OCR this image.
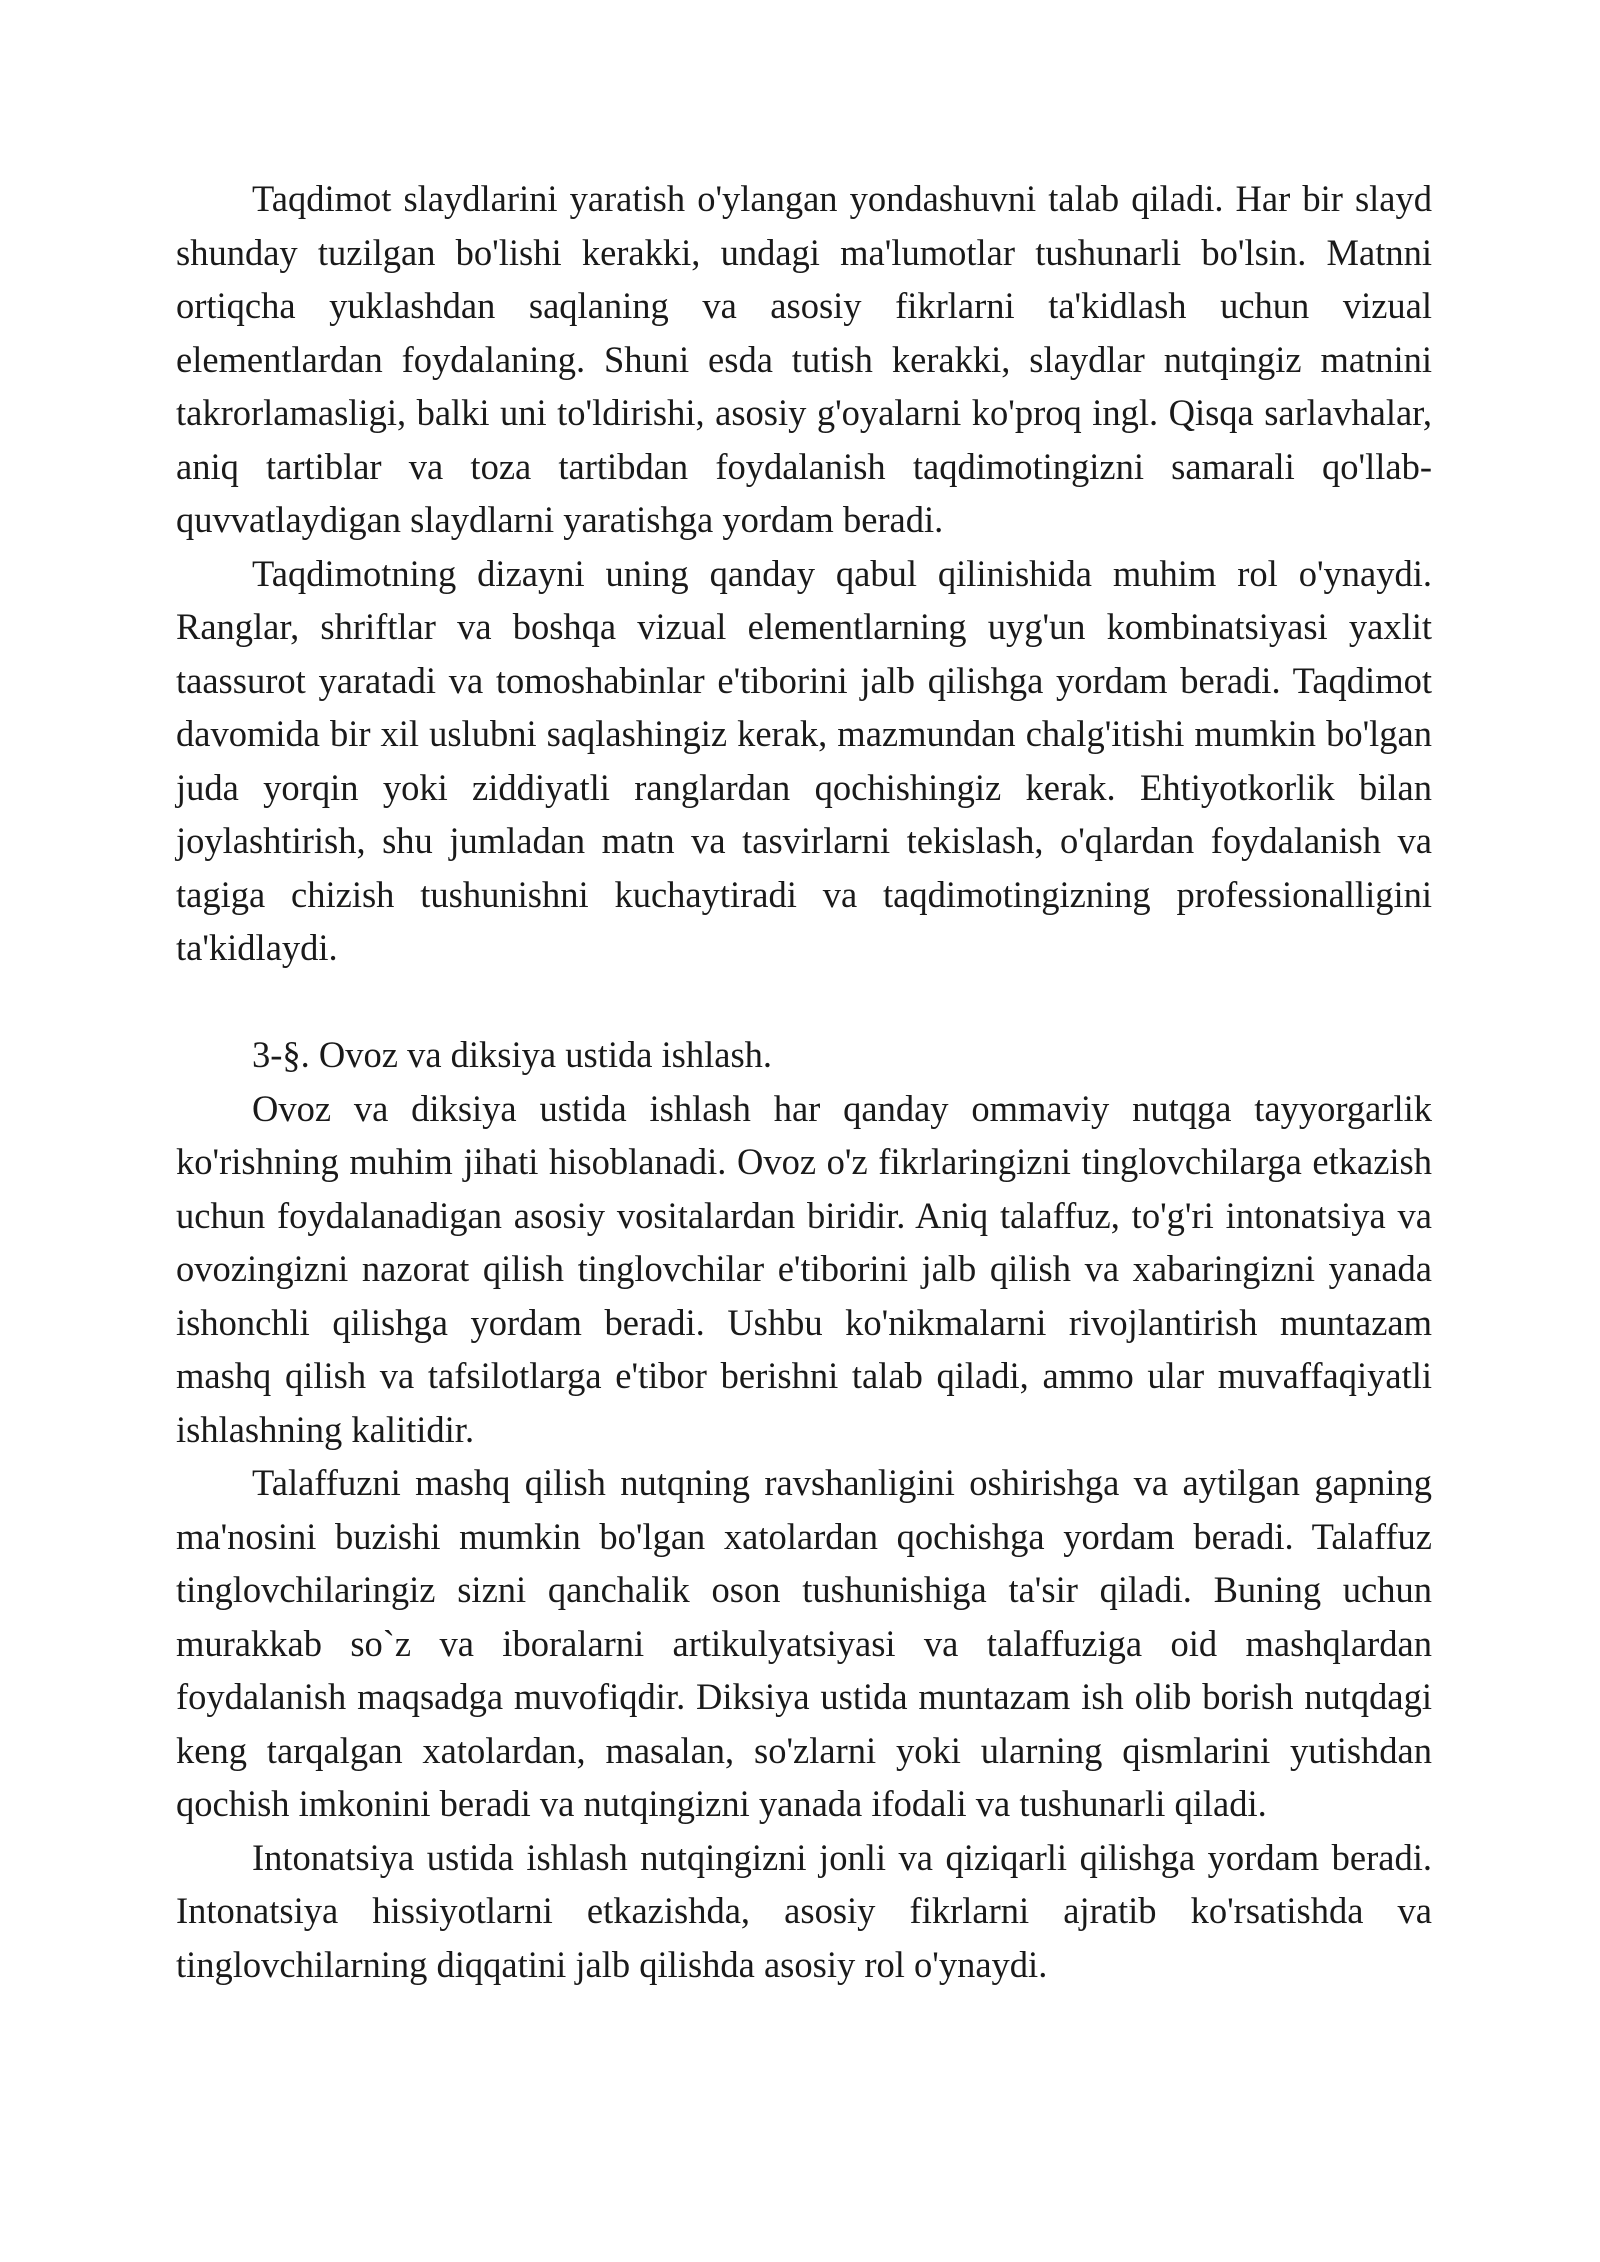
Taqdimot slaydlarini yaratish o'ylangan yondashuvni talab qiladi. Har bir slayd shunday tuzilgan bo'lishi kerakki, undagi ma'lumotlar tushunarli bo'lsin. Matnni ortiqcha yuklashdan saqlaning va asosiy fikrlarni ta'kidlash uchun vizual elementlardan foydalaning. Shuni esda tutish kerakki, slaydlar nutqingiz matnini takrorlamasligi, balki uni to'ldirishi, asosiy g'oyalarni ko'proq ingl. Qisqa sarlavhalar, aniq tartiblar va toza tartibdan foydalanish taqdimotingizni samarali qo'llab-quvvatlaydigan slaydlarni yaratishga yordam beradi.

Taqdimotning dizayni uning qanday qabul qilinishida muhim rol o'ynaydi. Ranglar, shriftlar va boshqa vizual elementlarning uyg'un kombinatsiyasi yaxlit taassurot yaratadi va tomoshabinlar e'tiborini jalb qilishga yordam beradi. Taqdimot davomida bir xil uslubni saqlashingiz kerak, mazmundan chalg'itishi mumkin bo'lgan juda yorqin yoki ziddiyatli ranglardan qochishingiz kerak. Ehtiyotkorlik bilan joylashtirish, shu jumladan matn va tasvirlarni tekislash, o'qlardan foydalanish va tagiga chizish tushunishni kuchaytiradi va taqdimotingizning professionalligini ta'kidlaydi.

3-§. Ovoz va diksiya ustida ishlash.

Ovoz va diksiya ustida ishlash har qanday ommaviy nutqga tayyorgarlik ko'rishning muhim jihati hisoblanadi. Ovoz o'z fikrlaringizni tinglovchilarga etkazish uchun foydalanadigan asosiy vositalardan biridir. Aniq talaffuz, to'g'ri intonatsiya va ovozingizni nazorat qilish tinglovchilar e'tiborini jalb qilish va xabaringizni yanada ishonchli qilishga yordam beradi. Ushbu ko'nikmalarni rivojlantirish muntazam mashq qilish va tafsilotlarga e'tibor berishni talab qiladi, ammo ular muvaffaqiyatli ishlashning kalitidir.

Talaffuzni mashq qilish nutqning ravshanligini oshirishga va aytilgan gapning ma'nosini buzishi mumkin bo'lgan xatolardan qochishga yordam beradi. Talaffuz tinglovchilaringiz sizni qanchalik oson tushunishiga ta'sir qiladi. Buning uchun murakkab so`z va iboralarni artikulyatsiyasi va talaffuziga oid mashqlardan foydalanish maqsadga muvofiqdir. Diksiya ustida muntazam ish olib borish nutqdagi keng tarqalgan xatolardan, masalan, so'zlarni yoki ularning qismlarini yutishdan qochish imkonini beradi va nutqingizni yanada ifodali va tushunarli qiladi.

Intonatsiya ustida ishlash nutqingizni jonli va qiziqarli qilishga yordam beradi. Intonatsiya hissiyotlarni etkazishda, asosiy fikrlarni ajratib ko'rsatishda va tinglovchilarning diqqatini jalb qilishda asosiy rol o'ynaydi.
